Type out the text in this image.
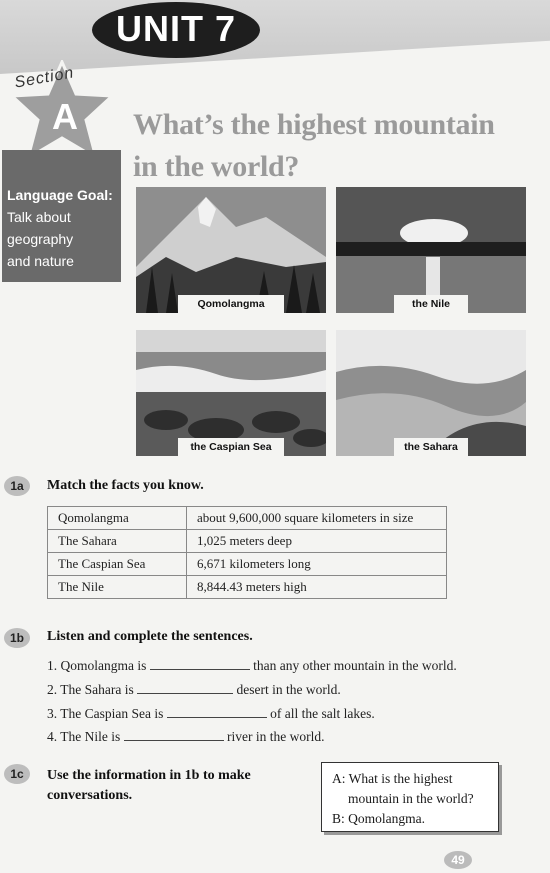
UNIT 7
Section
A	What’s the highest mountain
in the world?
Language Goal:
Talk about
geography
and nature
Qomolangma	the Nile
the Caspian Sea	the Sahara
1a	Match the facts you know.
Qomolangma	about 9,600,000 square kilometers in size
The Sahara	1,025 meters deep
The Caspian Sea	6,671 kilometers long
The Nile	8,844.43 meters high
1b	Listen and complete the sentences.
1. Qomolangma is	than any other mountain in the world.
2. The Sahara is	desert in the world.
3. The Caspian Sea is	of all the salt lakes.
4. The Nile is	river in the world.
1c	Use the information in 1b to make
conversations.
A: What is the highest
mountain in the world?
B: Qomolangma.
49
